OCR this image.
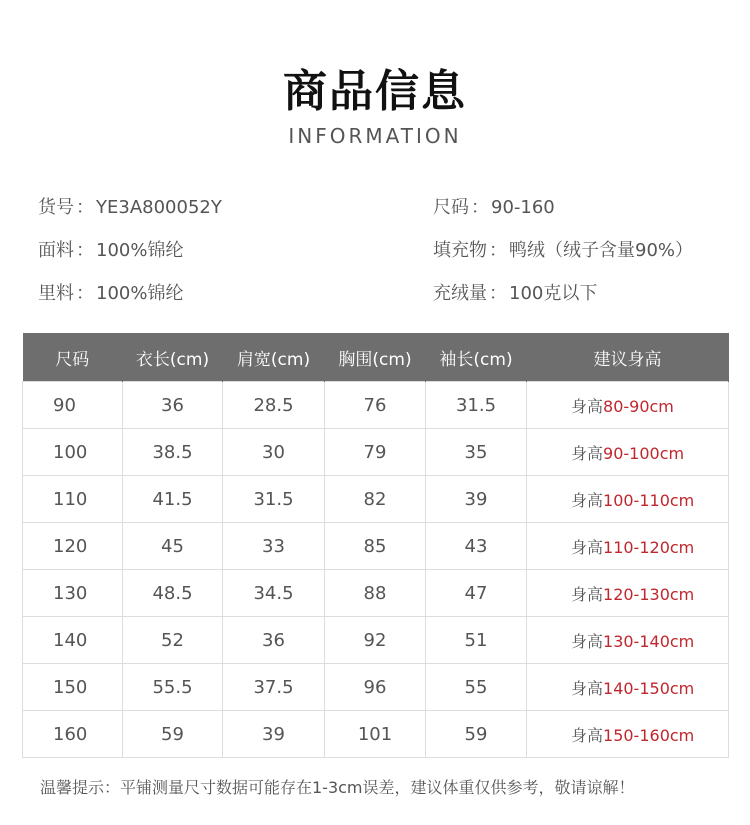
商品信息
INFORMATION
货号 ： YE3A800052Y
面料 ： 100%锦纶
里料 ： 100%锦纶
尺码 ： 90-160
填充物 ： 鸭绒（绒子含量90%）
充绒量 ： 100克以下
尺码	衣长(cm)	肩宽(cm)	胸围(cm)	袖长(cm)	建议身高
90	36	28.5	76	31.5	身高80-90cm
100	38.5	30	79	35	身高90-100cm
110	41.5	31.5	82	39	身高100-110cm
120	45	33	85	43	身高110-120cm
130	48.5	34.5	88	47	身高120-130cm
140	52	36	92	51	身高130-140cm
150	55.5	37.5	96	55	身高140-150cm
160	59	39	101	59	身高150-160cm
温馨提示：平铺测量尺寸数据可能存在1-3cm误差，建议体重仅供参考，敬请谅解！
